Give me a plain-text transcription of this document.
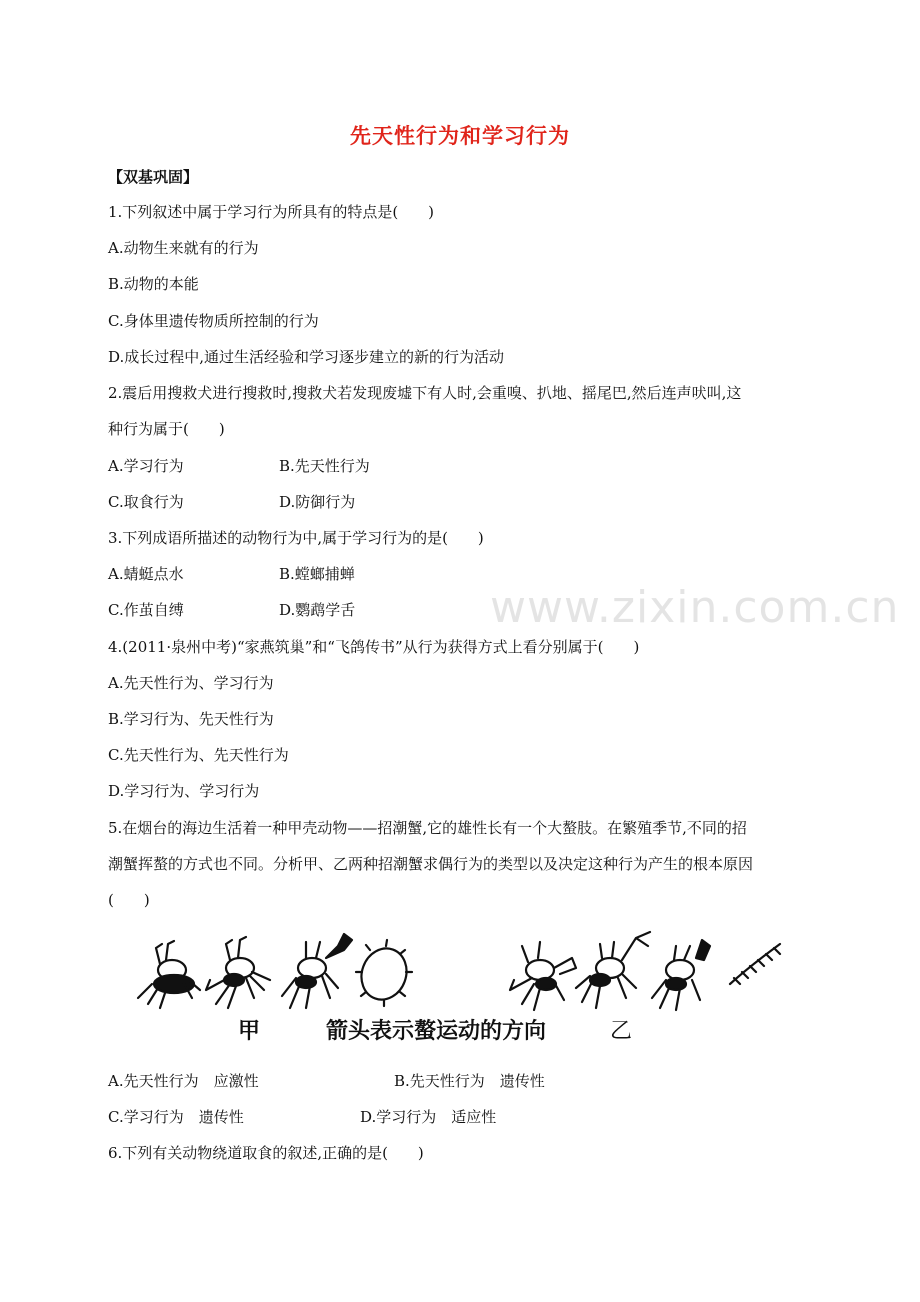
www.zixin.com.cn
先天性行为和学习行为
【双基巩固】
1.下列叙述中属于学习行为所具有的特点是(　　)
A.动物生来就有的行为
B.动物的本能
C.身体里遗传物质所控制的行为
D.成长过程中,通过生活经验和学习逐步建立的新的行为活动
2.震后用搜救犬进行搜救时,搜救犬若发现废墟下有人时,会重嗅、扒地、摇尾巴,然后连声吠叫,这
种行为属于(　　)
A.学习行为	B.先天性行为
C.取食行为	D.防御行为
3.下列成语所描述的动物行为中,属于学习行为的是(　　)
A.蜻蜓点水	B.螳螂捕蝉
C.作茧自缚	D.鹦鹉学舌
4.(2011·泉州中考)“家燕筑巢”和“飞鸽传书”从行为获得方式上看分别属于(　　)
A.先天性行为、学习行为
B.学习行为、先天性行为
C.先天性行为、先天性行为
D.学习行为、学习行为
5.在烟台的海边生活着一种甲壳动物——招潮蟹,它的雄性长有一个大螯肢。在繁殖季节,不同的招
潮蟹挥螯的方式也不同。分析甲、乙两种招潮蟹求偶行为的类型以及决定这种行为产生的根本原因
(　　)
甲	箭头表示螯运动的方向	乙
A.先天性行为　应激性	B.先天性行为　遗传性
C.学习行为　遗传性	D.学习行为　适应性
6.下列有关动物绕道取食的叙述,正确的是(　　)
